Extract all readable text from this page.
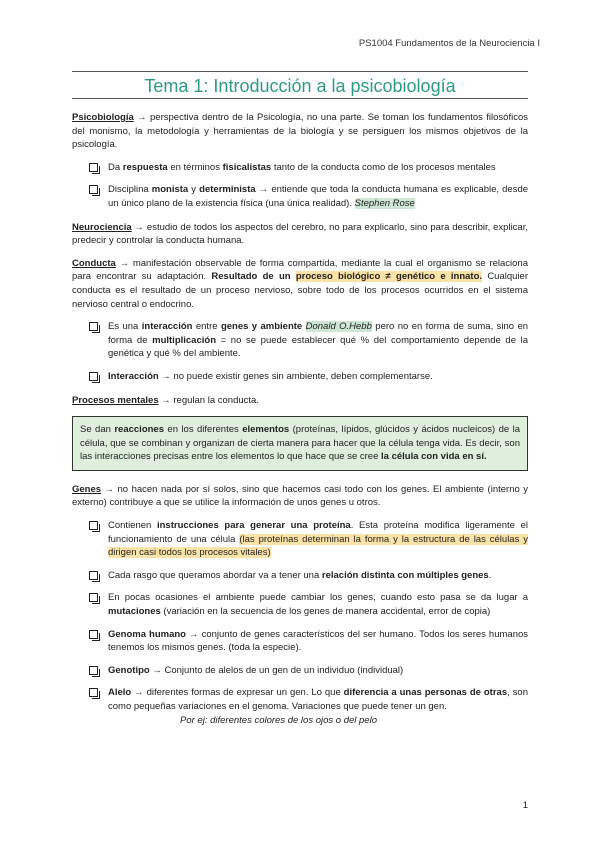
PS1004 Fundamentos de la Neurociencia I
Tema 1: Introducción a la psicobiología

Psicobiología → perspectiva dentro de la Psicología, no una parte. Se toman los fundamentos filosóficos del monismo, la metodología y herramientas de la biología y se persiguen los mismos objetivos de la psicología.

Da respuesta en términos fisicalistas tanto de la conducta como de los procesos mentales
Disciplina monista y determinista → entiende que toda la conducta humana es explicable, desde un único plano de la existencia física (una única realidad). Stephen Rose

Neurociencia → estudio de todos los aspectos del cerebro, no para explicarlo, sino para describir, explicar, predecir y controlar la conducta humana.

Conducta → manifestación observable de forma compartida, mediante la cual el organismo se relaciona para encontrar su adaptación. Resultado de un proceso biológico ≠ genético e innato. Cualquier conducta es el resultado de un proceso nervioso, sobre todo de los procesos ocurridos en el sistema nervioso central o endocrino.

Es una interacción entre genes y ambiente Donald O.Hebb pero no en forma de suma, sino en forma de multiplicación = no se puede establecer qué % del comportamiento depende de la genética y qué % del ambiente.
Interacción → no puede existir genes sin ambiente, deben complementarse.

Procesos mentales → regulan la conducta.

Se dan reacciones en los diferentes elementos (proteínas, lípidos, glúcidos y ácidos nucleicos) de la célula, que se combinan y organizan de cierta manera para hacer que la célula tenga vida. Es decir, son las interacciones precisas entre los elementos lo que hace que se cree la célula con vida en sí.

Genes → no hacen nada por sí solos, sino que hacemos casi todo con los genes. El ambiente (interno y externo) contribuye a que se utilice la información de unos genes u otros.

Contienen instrucciones para generar una proteína. Esta proteína modifica ligeramente el funcionamiento de una célula (las proteínas determinan la forma y la estructura de las células y dirigen casi todos los procesos vitales)
Cada rasgo que queramos abordar va a tener una relación distinta con múltiples genes.
En pocas ocasiones el ambiente puede cambiar los genes, cuando esto pasa se da lugar a mutaciones (variación en la secuencia de los genes de manera accidental, error de copia)
Genoma humano → conjunto de genes característicos del ser humano. Todos los seres humanos tenemos los mismos genes. (toda la especie).
Genotipo → Conjunto de alelos de un gen de un individuo (individual)
Alelo → diferentes formas de expresar un gen. Lo que diferencia a unas personas de otras, son como pequeñas variaciones en el genoma. Variaciones que puede tener un gen.
Por ej: diferentes colores de los ojos o del pelo
1
